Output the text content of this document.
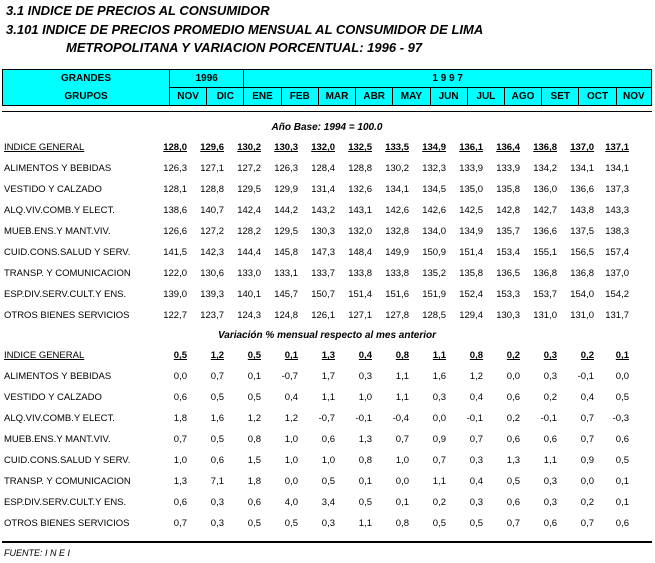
3.1 INDICE DE PRECIOS AL CONSUMIDOR
3.101 INDICE DE PRECIOS PROMEDIO MENSUAL AL CONSUMIDOR DE LIMA
METROPOLITANA Y VARIACION PORCENTUAL: 1996 - 97
GRANDES	1996		1 9 9 7										
GRUPOS	NOV	DIC	ENE	FEB	MAR	ABR	MAY	JUN	JUL	AGO	SET	OCT	NOV
Año Base: 1994 = 100.0
INDICE GENERAL	128,0	129,6	130,2	130,3	132,0	132,5	133,5	134,9	136,1	136,4	136,8	137,0	137,1
ALIMENTOS Y BEBIDAS	126,3	127,1	127,2	126,3	128,4	128,8	130,2	132,3	133,9	133,9	134,2	134,1	134,1
VESTIDO Y CALZADO	128,1	128,8	129,5	129,9	131,4	132,6	134,1	134,5	135,0	135,8	136,0	136,6	137,3
ALQ.VIV.COMB.Y ELECT.	138,6	140,7	142,4	144,2	143,2	143,1	142,6	142,6	142,5	142,8	142,7	143,8	143,3
MUEB.ENS.Y MANT.VIV.	126,6	127,2	128,2	129,5	130,3	132,0	132,8	134,0	134,9	135,7	136,6	137,5	138,3
CUID.CONS.SALUD Y SERV.	141,5	142,3	144,4	145,8	147,3	148,4	149,9	150,9	151,4	153,4	155,1	156,5	157,4
TRANSP. Y COMUNICACION	122,0	130,6	133,0	133,1	133,7	133,8	133,8	135,2	135,8	136,5	136,8	136,8	137,0
ESP.DIV.SERV.CULT.Y ENS.	139,0	139,3	140,1	145,7	150,7	151,4	151,6	151,9	152,4	153,3	153,7	154,0	154,2
OTROS BIENES SERVICIOS	122,7	123,7	124,3	124,8	126,1	127,1	127,8	128,5	129,4	130,3	131,0	131,0	131,7
Variación % mensual respecto al mes anterior
INDICE GENERAL	0,5	1,2	0,5	0,1	1,3	0,4	0,8	1,1	0,8	0,2	0,3	0,2	0,1
ALIMENTOS Y BEBIDAS	0,0	0,7	0,1	-0,7	1,7	0,3	1,1	1,6	1,2	0,0	0,3	-0,1	0,0
VESTIDO Y CALZADO	0,6	0,5	0,5	0,4	1,1	1,0	1,1	0,3	0,4	0,6	0,2	0,4	0,5
ALQ.VIV.COMB.Y ELECT.	1,8	1,6	1,2	1,2	-0,7	-0,1	-0,4	0,0	-0,1	0,2	-0,1	0,7	-0,3
MUEB.ENS.Y MANT.VIV.	0,7	0,5	0,8	1,0	0,6	1,3	0,7	0,9	0,7	0,6	0,6	0,7	0,6
CUID.CONS.SALUD Y SERV.	1,0	0,6	1,5	1,0	1,0	0,8	1,0	0,7	0,3	1,3	1,1	0,9	0,5
TRANSP. Y COMUNICACION	1,3	7,1	1,8	0,0	0,5	0,1	0,0	1,1	0,4	0,5	0,3	0,0	0,1
ESP.DIV.SERV.CULT.Y ENS.	0,6	0,3	0,6	4,0	3,4	0,5	0,1	0,2	0,3	0,6	0,3	0,2	0,1
OTROS BIENES SERVICIOS	0,7	0,3	0,5	0,5	0,3	1,1	0,8	0,5	0,5	0,7	0,6	0,7	0,6
FUENTE: I N E I
